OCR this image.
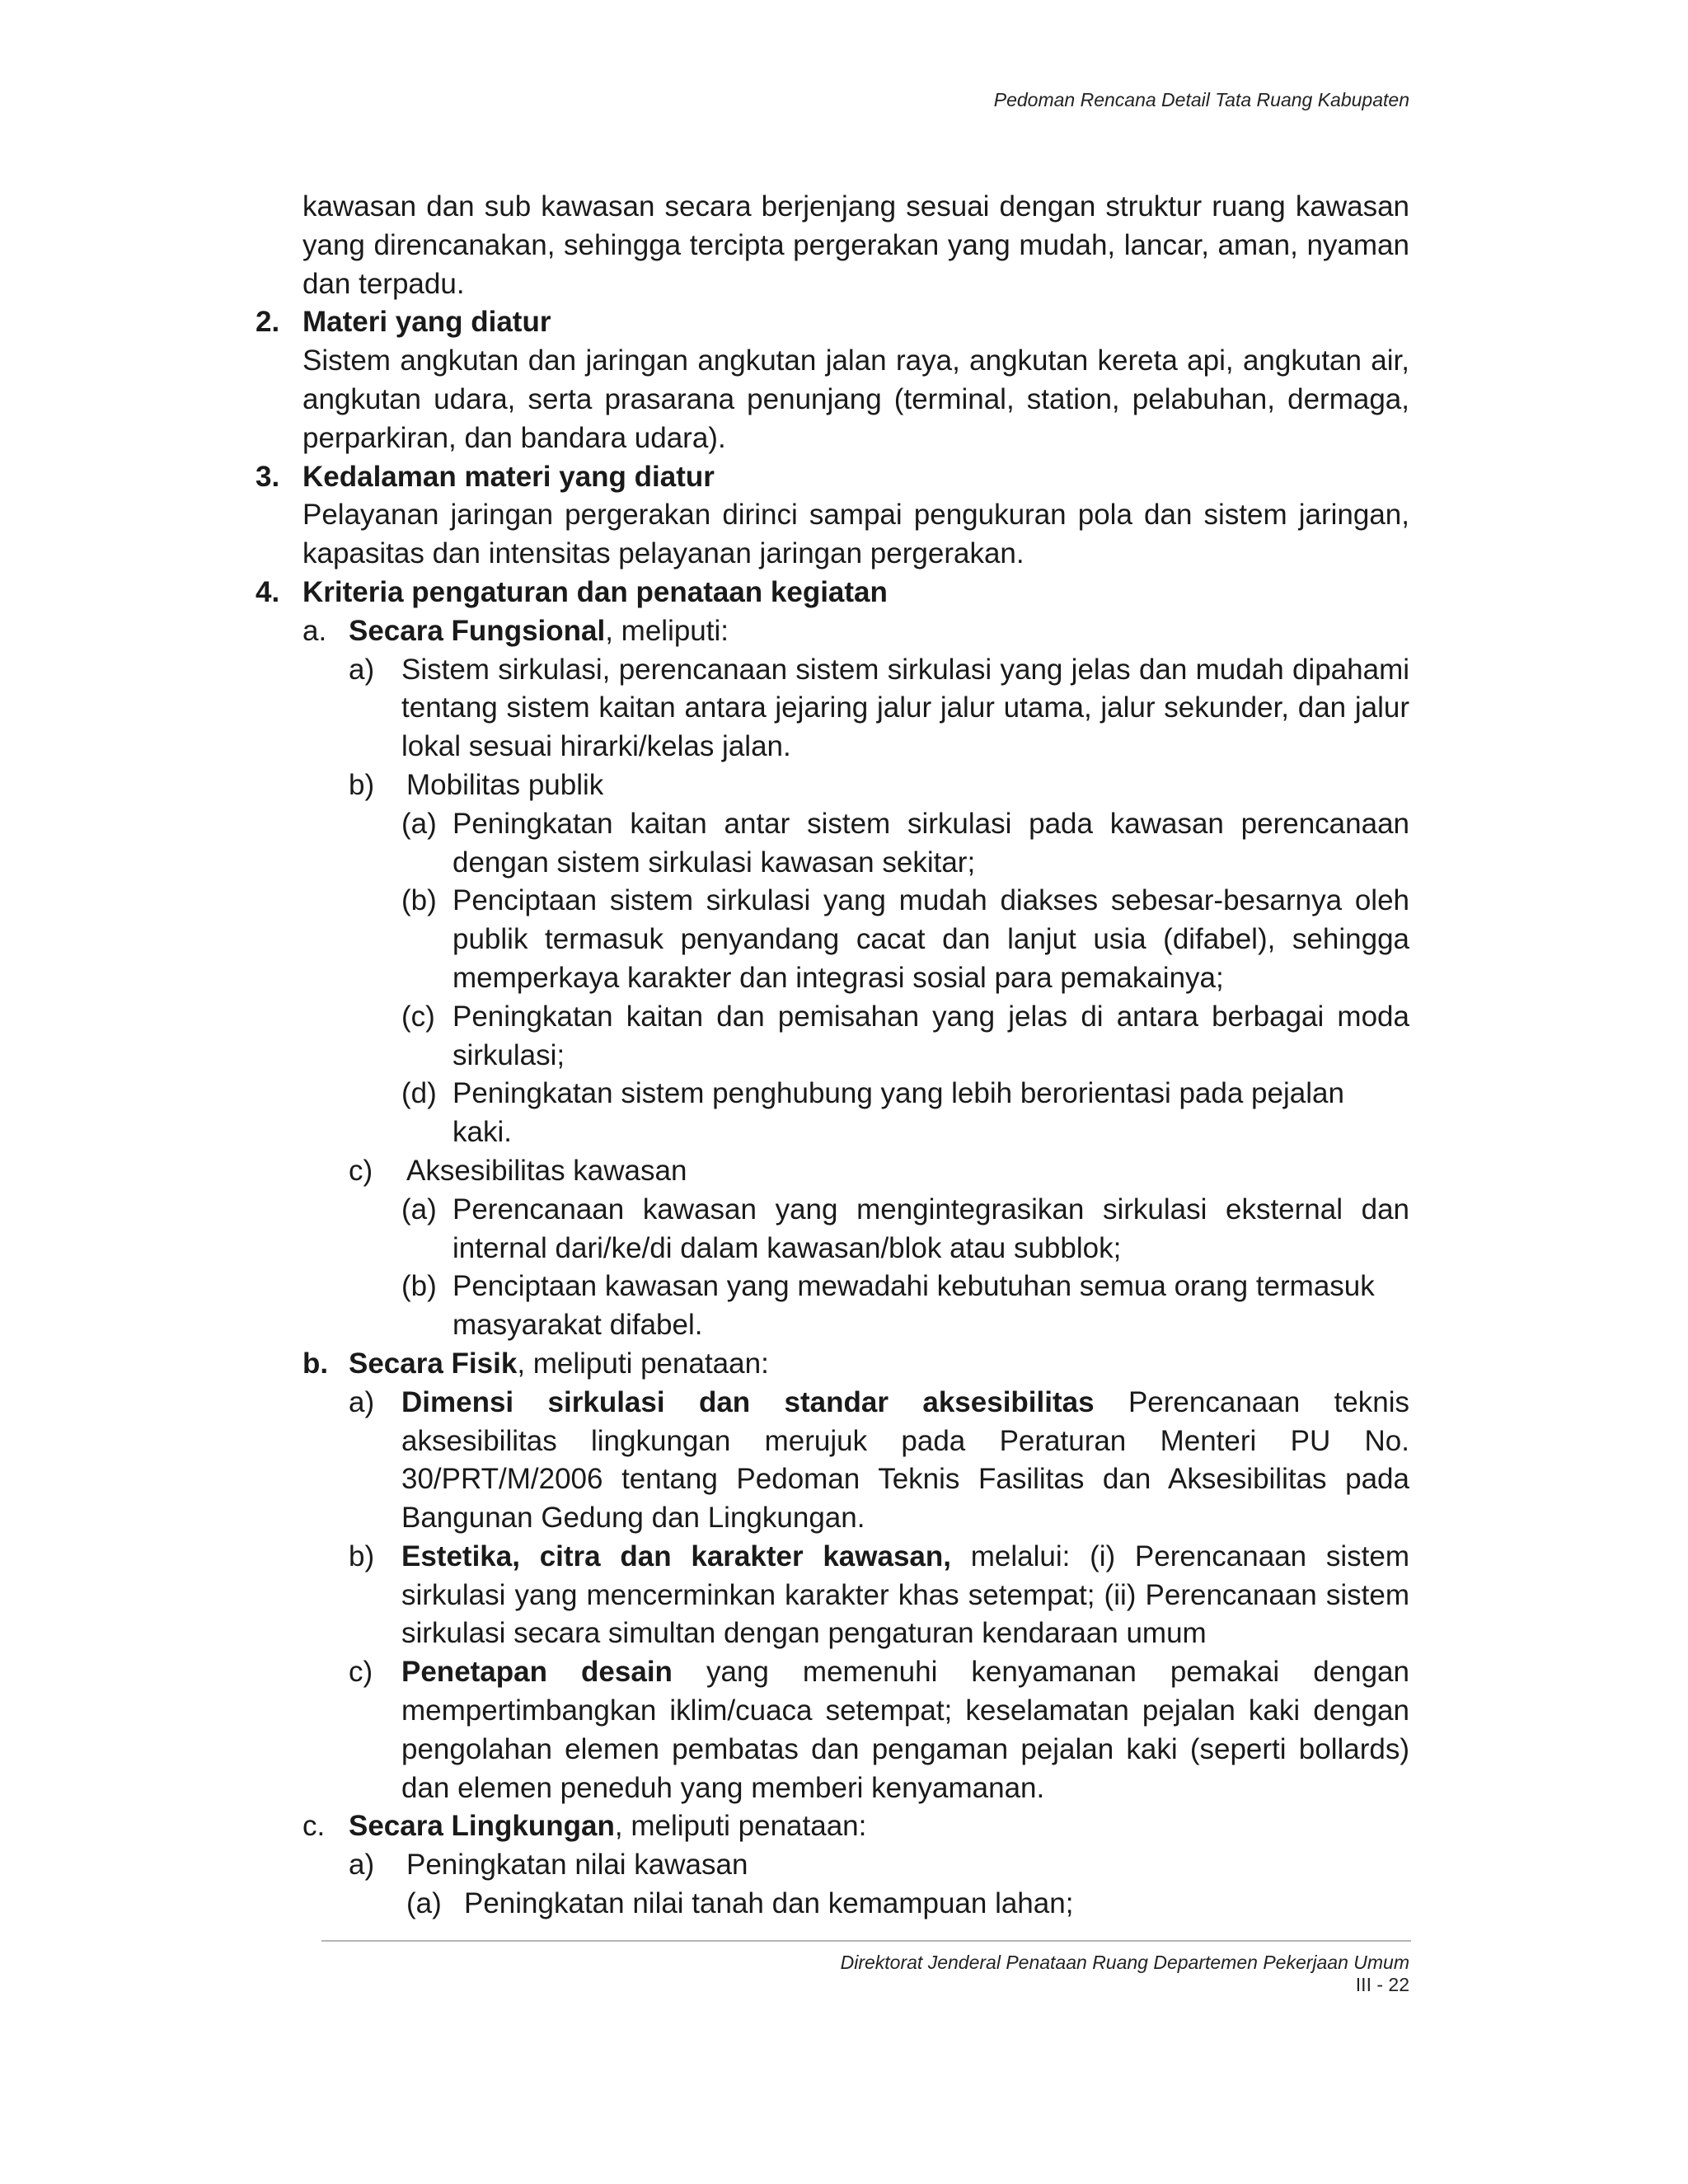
Pedoman Rencana Detail Tata Ruang Kabupaten

kawasan dan sub kawasan secara berjenjang sesuai dengan struktur ruang kawasan yang direncanakan, sehingga tercipta pergerakan yang mudah, lancar, aman, nyaman dan terpadu.

2. Materi yang diatur

Sistem angkutan dan jaringan angkutan jalan raya, angkutan kereta api, angkutan air, angkutan udara, serta prasarana penunjang (terminal, station, pelabuhan, dermaga, perparkiran, dan bandara udara).

3. Kedalaman materi yang diatur

Pelayanan jaringan pergerakan dirinci sampai pengukuran pola dan sistem jaringan, kapasitas dan intensitas pelayanan jaringan pergerakan.

4. Kriteria pengaturan dan penataan kegiatan
a. Secara Fungsional, meliputi:
a) Sistem sirkulasi, perencanaan sistem sirkulasi yang jelas dan mudah dipahami tentang sistem kaitan antara jejaring jalur jalur utama, jalur sekunder, dan jalur lokal sesuai hirarki/kelas jalan.

b)	Mobilitas publik
(a) Peningkatan kaitan antar sistem sirkulasi pada kawasan perencanaan dengan sistem sirkulasi kawasan sekitar;

(b) Penciptaan sistem sirkulasi yang mudah diakses sebesar-besarnya oleh publik termasuk penyandang cacat dan lanjut usia (difabel), sehingga memperkaya karakter dan integrasi sosial para pemakainya;

(c) Peningkatan kaitan dan pemisahan yang jelas di antara berbagai moda sirkulasi;

(d) Peningkatan sistem penghubung yang lebih berorientasi pada pejalan kaki.

c)	Aksesibilitas kawasan
(a) Perencanaan kawasan yang mengintegrasikan sirkulasi eksternal dan internal dari/ke/di dalam kawasan/blok atau subblok;

(b) Penciptaan kawasan yang mewadahi kebutuhan semua orang termasuk masyarakat difabel.

b. Secara Fisik, meliputi penataan:
a) Dimensi sirkulasi dan standar aksesibilitas Perencanaan teknis aksesibilitas lingkungan merujuk pada Peraturan Menteri PU No. 30/PRT/M/2006 tentang Pedoman Teknis Fasilitas dan Aksesibilitas pada Bangunan Gedung dan Lingkungan.

b) Estetika, citra dan karakter kawasan, melalui: (i) Perencanaan sistem sirkulasi yang mencerminkan karakter khas setempat; (ii) Perencanaan sistem sirkulasi secara simultan dengan pengaturan kendaraan umum

c) Penetapan desain yang memenuhi kenyamanan pemakai dengan mempertimbangkan iklim/cuaca setempat; keselamatan pejalan kaki dengan pengolahan elemen pembatas dan pengaman pejalan kaki (seperti bollards) dan elemen peneduh yang memberi kenyamanan.

c. Secara Lingkungan, meliputi penataan:
a)	Peningkatan nilai kawasan
(a) Peningkatan nilai tanah dan kemampuan lahan;

Direktorat Jenderal Penataan Ruang Departemen Pekerjaan Umum
III - 22
